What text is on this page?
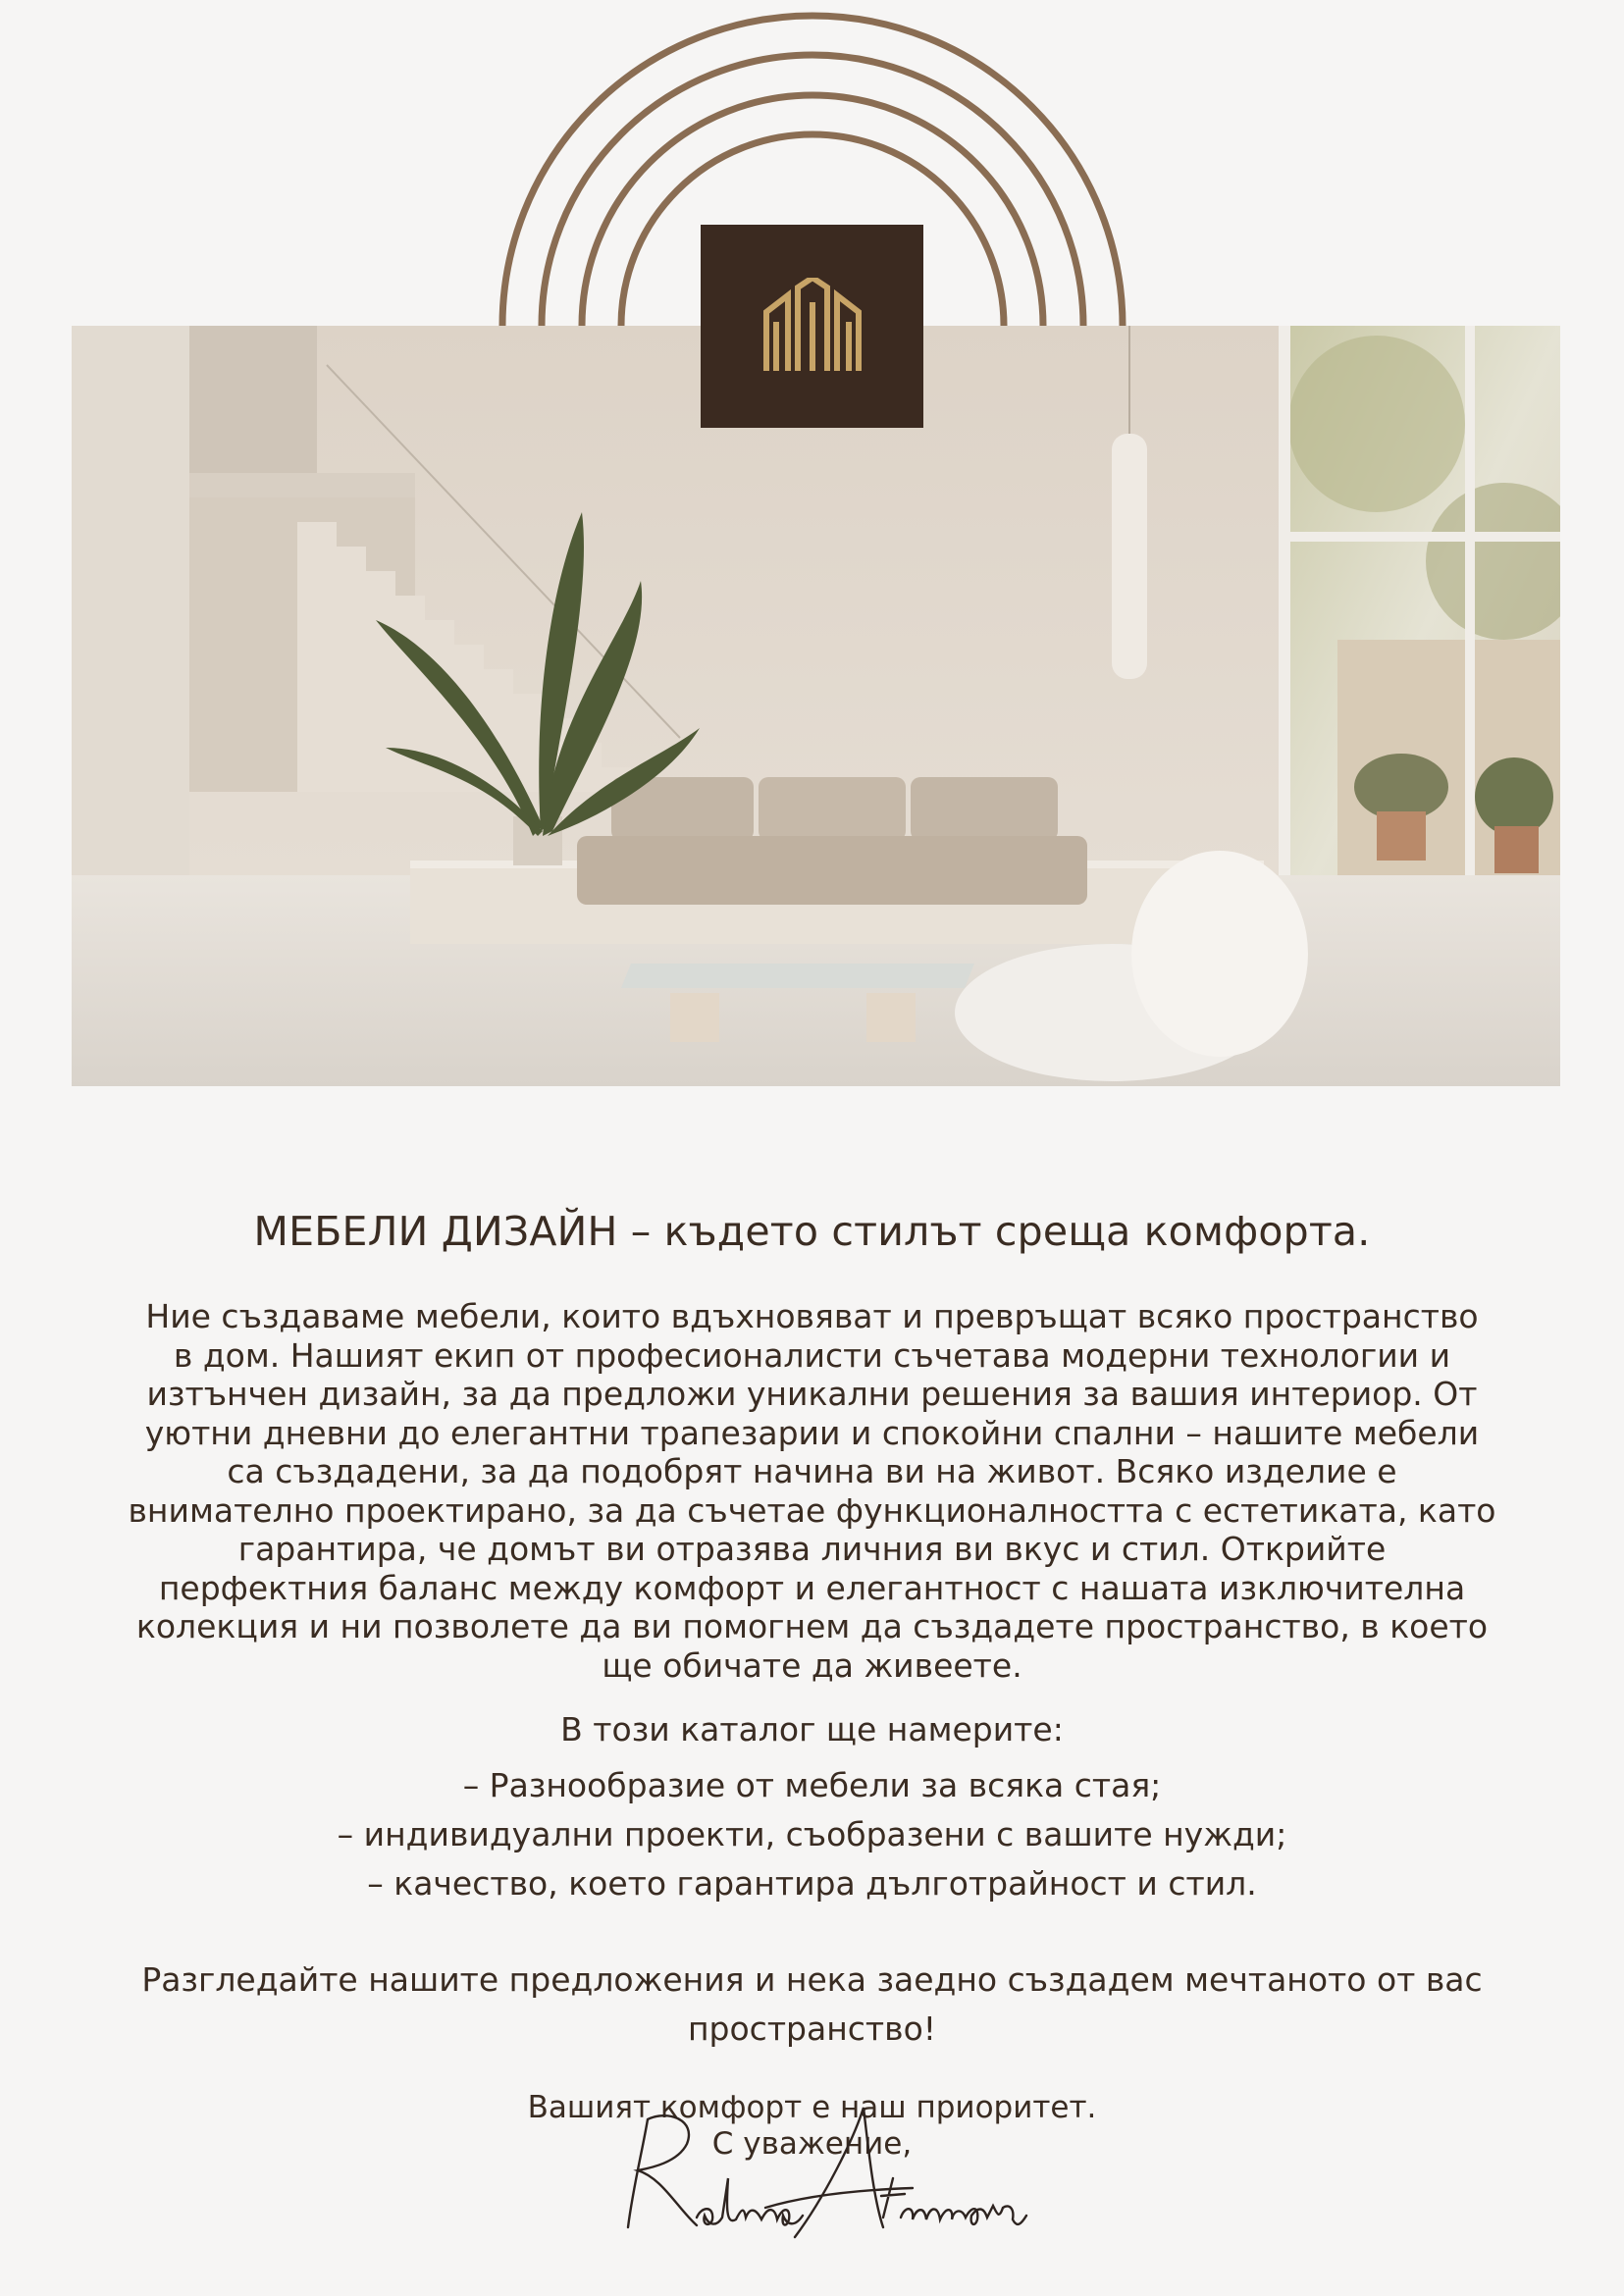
МЕБЕЛИ ДИЗАЙН – където стилът среща комфорта.
Ние създаваме мебели, които вдъхновяват и превръщат всяко пространство
в дом. Нашият екип от професионалисти съчетава модерни технологии и
изтънчен дизайн, за да предложи уникални решения за вашия интериор. От
уютни дневни до елегантни трапезарии и спокойни спални – нашите мебели
са създадени, за да подобрят начина ви на живот. Всяко изделие е
внимателно проектирано, за да съчетае функционалността с естетиката, като
гарантира, че домът ви отразява личния ви вкус и стил. Открийте
перфектния баланс между комфорт и елегантност с нашата изключителна
колекция и ни позволете да ви помогнем да създадете пространство, в което
ще обичате да живеете.
В този каталог ще намерите:
– Разнообразие от мебели за всяка стая;
– индивидуални проекти, съобразени с вашите нужди;
– качество, което гарантира дълготрайност и стил.
Разгледайте нашите предложения и нека заедно създадем мечтаното от вас
пространство!
Вашият комфорт е наш приоритет.
С уважение,
